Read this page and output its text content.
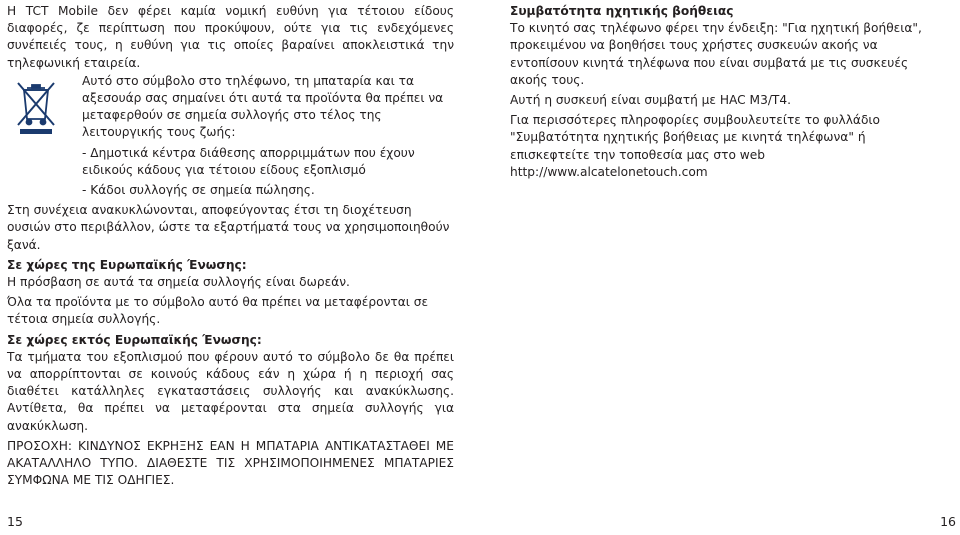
Η TCT Mobile δεν φέρει καμία νομική ευθύνη για τέτοιου είδους διαφορές, ζε περίπτωση που προκύψουν, ούτε για τις ενδεχόμενες συνέπειές τους, η ευθύνη για τις οποίες βαραίνει αποκλειστικά την τηλεφωνική εταιρεία.

Αυτό στο σύμβολο στο τηλέφωνο, τη μπαταρία και τα αξεσουάρ σας σημαίνει ότι αυτά τα προϊόντα θα πρέπει να μεταφερθούν σε σημεία συλλογής στο τέλος της λειτουργικής τους ζωής:

- Δημοτικά κέντρα διάθεσης απορριμμάτων που έχουν ειδικούς κάδους για τέτοιου είδους εξοπλισμό

- Κάδοι συλλογής σε σημεία πώλησης.

Στη συνέχεια ανακυκλώνονται, αποφεύγοντας έτσι τη διοχέτευση ουσιών στο περιβάλλον, ώστε τα εξαρτήματά τους να χρησιμοποιηθούν ξανά.

Σε χώρες της Ευρωπαϊκής Ένωσης:

Η πρόσβαση σε αυτά τα σημεία συλλογής είναι δωρεάν.

Όλα τα προϊόντα με το σύμβολο αυτό θα πρέπει να μεταφέρονται σε τέτοια σημεία συλλογής.

Σε χώρες εκτός Ευρωπαϊκής Ένωσης:

Τα τμήματα του εξοπλισμού που φέρουν αυτό το σύμβολο δε θα πρέπει να απορρίπτονται σε κοινούς κάδους εάν η χώρα ή η περιοχή σας διαθέτει κατάλληλες εγκαταστάσεις συλλογής και ανακύκλωσης. Αντίθετα, θα πρέπει να μεταφέρονται στα σημεία συλλογής για ανακύκλωση.

ΠΡΟΣΟΧΗ: ΚΙΝΔΥΝΟΣ ΕΚΡΗΞΗΣ ΕΑΝ Η ΜΠΑΤΑΡΙΑ ΑΝΤΙΚΑΤΑΣΤΑΘΕΙ ΜΕ ΑΚΑΤΑΛΛΗΛΟ ΤΥΠΟ. ΔΙΑΘΕΣΤΕ ΤΙΣ ΧΡΗΣΙΜΟΠΟΙΗΜΕΝΕΣ ΜΠΑΤΑΡΙΕΣ ΣΥΜΦΩΝΑ ΜΕ ΤΙΣ ΟΔΗΓΙΕΣ.

15

Συμβατότητα ηχητικής βοήθειας

Το κινητό σας τηλέφωνο φέρει την ένδειξη: "Για ηχητική βοήθεια", προκειμένου να βοηθήσει τους χρήστες συσκευών ακοής να εντοπίσουν κινητά τηλέφωνα που είναι συμβατά με τις συσκευές ακοής τους.

Αυτή η συσκευή είναι συμβατή με HAC M3/T4.

Για περισσότερες πληροφορίες συμβουλευτείτε το φυλλάδιο "Συμβατότητα ηχητικής βοήθειας με κινητά τηλέφωνα" ή επισκεφτείτε την τοποθεσία μας στο web http://www.alcatelonetouch.com

16
